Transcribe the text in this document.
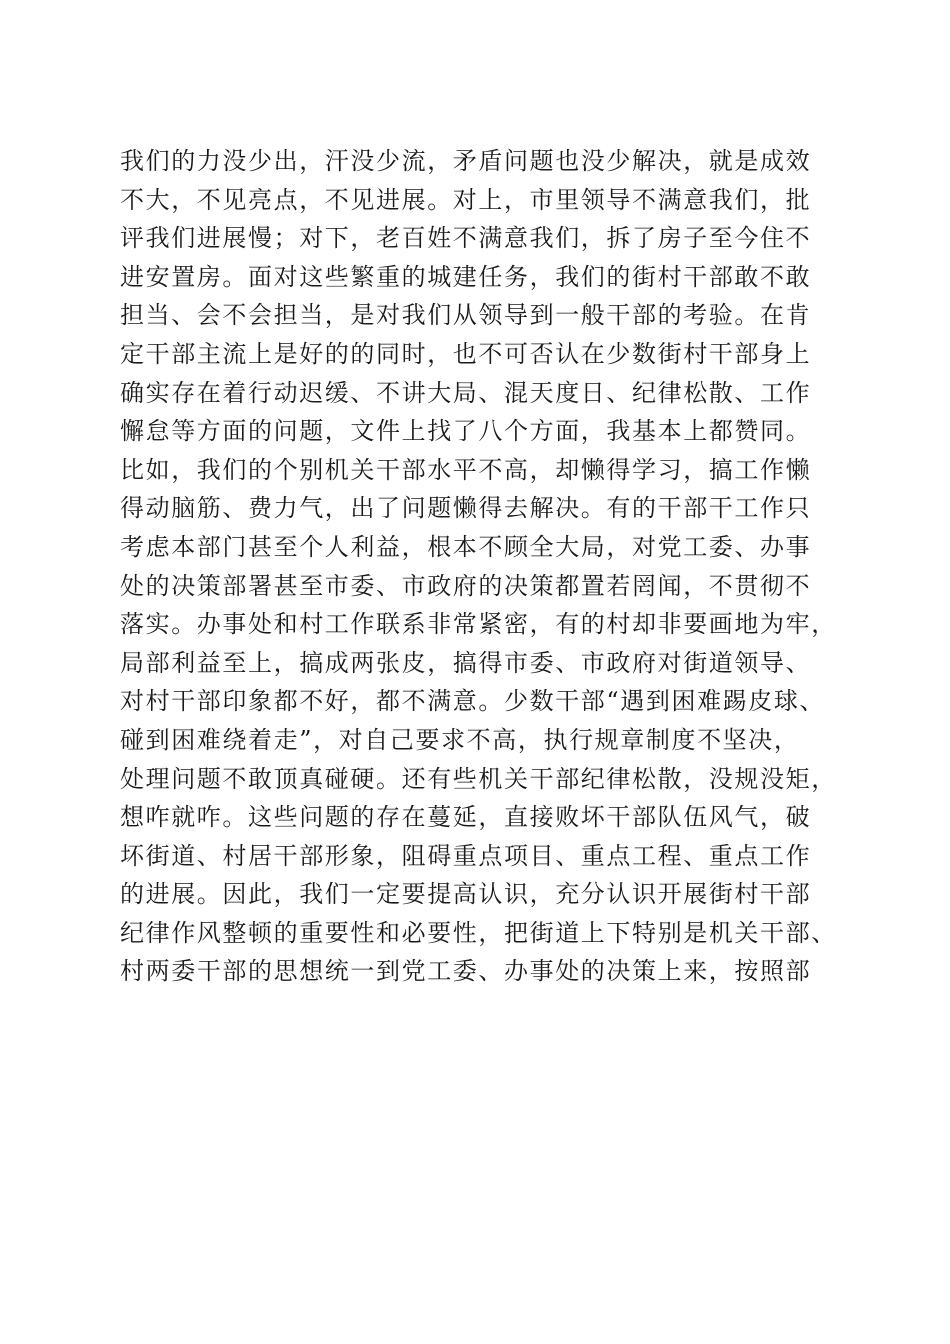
我们的力没少出，汗没少流，矛盾问题也没少解决，就是成效
不大，不见亮点，不见进展。对上，市里领导不满意我们，批
评我们进展慢；对下，老百姓不满意我们，拆了房子至今住不
进安置房。面对这些繁重的城建任务，我们的街村干部敢不敢
担当、会不会担当，是对我们从领导到一般干部的考验。在肯
定干部主流上是好的的同时，也不可否认在少数街村干部身上
确实存在着行动迟缓、不讲大局、混天度日、纪律松散、工作
懈怠等方面的问题，文件上找了八个方面，我基本上都赞同。
比如，我们的个别机关干部水平不高，却懒得学习，搞工作懒
得动脑筋、费力气，出了问题懒得去解决。有的干部干工作只
考虑本部门甚至个人利益，根本不顾全大局，对党工委、办事
处的决策部署甚至市委、市政府的决策都置若罔闻，不贯彻不
落实。办事处和村工作联系非常紧密，有的村却非要画地为牢，
局部利益至上，搞成两张皮，搞得市委、市政府对街道领导、
对村干部印象都不好，都不满意。少数干部“遇到困难踢皮球、
碰到困难绕着走”，对自己要求不高，执行规章制度不坚决，
处理问题不敢顶真碰硬。还有些机关干部纪律松散，没规没矩，
想咋就咋。这些问题的存在蔓延，直接败坏干部队伍风气，破
坏街道、村居干部形象，阻碍重点项目、重点工程、重点工作
的进展。因此，我们一定要提高认识，充分认识开展街村干部
纪律作风整顿的重要性和必要性，把街道上下特别是机关干部、
村两委干部的思想统一到党工委、办事处的决策上来，按照部
